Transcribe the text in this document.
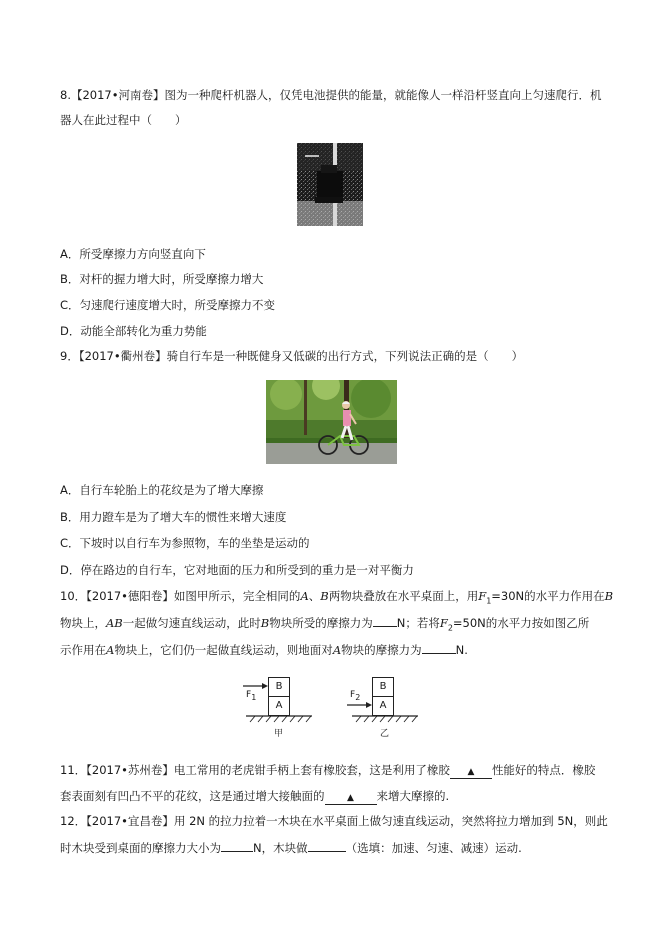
8.【2017•河南卷】图为一种爬杆机器人，仅凭电池提供的能量，就能像人一样沿杆竖直向上匀速爬行．机
器人在此过程中（　　）
A．所受摩擦力方向竖直向下
B．对杆的握力增大时，所受摩擦力增大
C．匀速爬行速度增大时，所受摩擦力不变
D．动能全部转化为重力势能
9．【2017•衢州卷】骑自行车是一种既健身又低碳的出行方式，下列说法正确的是（　　）
A．自行车轮胎上的花纹是为了增大摩擦
B．用力蹬车是为了增大车的惯性来增大速度
C．下坡时以自行车为参照物，车的坐垫是运动的
D．停在路边的自行车，它对地面的压力和所受到的重力是一对平衡力
10．【2017•德阳卷】如图甲所示，完全相同的A、B两物块叠放在水平桌面上，用$F_1=30N$的水平力作用在B
物块上，AB一起做匀速直线运动，此时B物块所受的摩擦力为 N；若将$F_2=50N$的水平力按如图乙所
示作用在A物块上，它们仍一起做直线运动，则地面对A物块的摩擦力为	N.
B
A
$F_1$
甲
B
A
$F_2$
乙
11．【2017•苏州卷】电工常用的老虎钳手柄上套有橡胶套，这是利用了橡胶 ▲ 性能好的特点．橡胶
套表面刻有凹凸不平的花纹，这是通过增大接触面的	▲ 来增大摩擦的.
12．【2017•宜昌卷】用 2N 的拉力拉着一木块在水平桌面上做匀速直线运动，突然将拉力增加到 5N，则此
时木块受到桌面的摩擦力大小为	N，木块做	（选填：加速、匀速、减速）运动.
